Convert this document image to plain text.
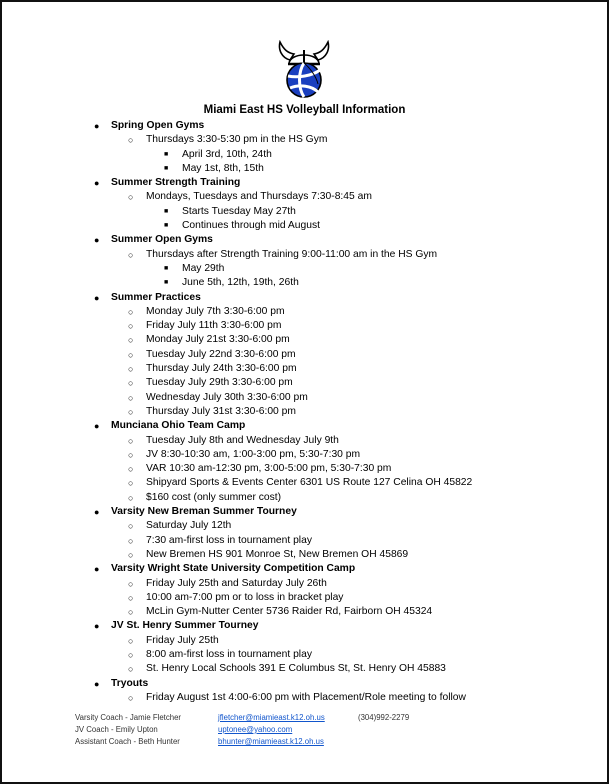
Miami East HS Volleyball Information
● Spring Open Gyms
○ Thursdays 3:30-5:30 pm in the HS Gym
■ April 3rd, 10th, 24th
■ May 1st, 8th, 15th
● Summer Strength Training
○ Mondays, Tuesdays and Thursdays 7:30-8:45 am
■ Starts Tuesday May 27th
■ Continues through mid August
● Summer Open Gyms
○ Thursdays after Strength Training 9:00-11:00 am in the HS Gym
■ May 29th
■ June 5th, 12th, 19th, 26th
● Summer Practices
○ Monday July 7th 3:30-6:00 pm
○ Friday July 11th 3:30-6:00 pm
○ Monday July 21st 3:30-6:00 pm
○ Tuesday July 22nd 3:30-6:00 pm
○ Thursday July 24th 3:30-6:00 pm
○ Tuesday July 29th 3:30-6:00 pm
○ Wednesday July 30th 3:30-6:00 pm
○ Thursday July 31st 3:30-6:00 pm
● Munciana Ohio Team Camp
○ Tuesday July 8th and Wednesday July 9th
○ JV 8:30-10:30 am, 1:00-3:00 pm, 5:30-7:30 pm
○ VAR 10:30 am-12:30 pm, 3:00-5:00 pm, 5:30-7:30 pm
○ Shipyard Sports & Events Center 6301 US Route 127 Celina OH 45822
○ $160 cost (only summer cost)
● Varsity New Breman Summer Tourney
○ Saturday July 12th
○ 7:30 am-first loss in tournament play
○ New Bremen HS 901 Monroe St, New Bremen OH 45869
● Varsity Wright State University Competition Camp
○ Friday July 25th and Saturday July 26th
○ 10:00 am-7:00 pm or to loss in bracket play
○ McLin Gym-Nutter Center 5736 Raider Rd, Fairborn OH 45324
● JV St. Henry Summer Tourney
○ Friday July 25th
○ 8:00 am-first loss in tournament play
○ St. Henry Local Schools 391 E Columbus St, St. Henry OH 45883
● Tryouts
○ Friday August 1st 4:00-6:00 pm with Placement/Role meeting to follow
Varsity Coach - Jamie Fletcher	jfletcher@miamieast.k12.oh.us	(304)992-2279
JV Coach - Emily Upton	uptonee@yahoo.com
Assistant Coach - Beth Hunter	bhunter@miamieast.k12.oh.us
